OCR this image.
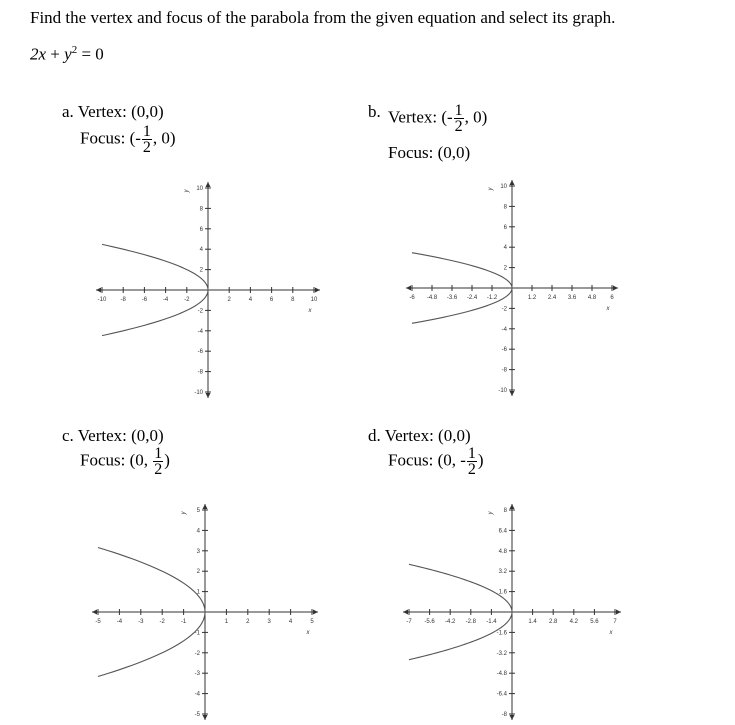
Find the vertex and focus of the parabola from the given equation and select its graph.
$2x + y^2 = 0$
a. Vertex: (0,0)
Focus: (- $\frac{1}{2}$ , 0)
b. Vertex: (- $\frac{1}{2}$ , 0)
Focus: (0,0)
c. Vertex: (0,0)
Focus: (0, $\frac{1}{2}$ )
d. Vertex: (0,0)
Focus: (0, - $\frac{1}{2}$ )
-10 -8	-6	-4	-2	2	4	6	8	10
10
8
6
4
2
-2
-4
-6
-8
-10
x
y
-6 -4.8 -3.6 -2.4 -1.2	1.2 2.4 3.6 4.8 6
10
8
6
4
2
-2
-4
-6
-8
-10
x
y
-5	-4	-3	-2	-1	1	2	3	4	5
5
4
3
2
1
-1
-2
-3
-4
-5
x
y
-7 -5.6 -4.2 -2.8 -1.4	1.4 2.8 4.2 5.6 7
8
6.4
4.8
3.2
1.6
-1.6
-3.2
-4.8
-6.4
-8
x
y
